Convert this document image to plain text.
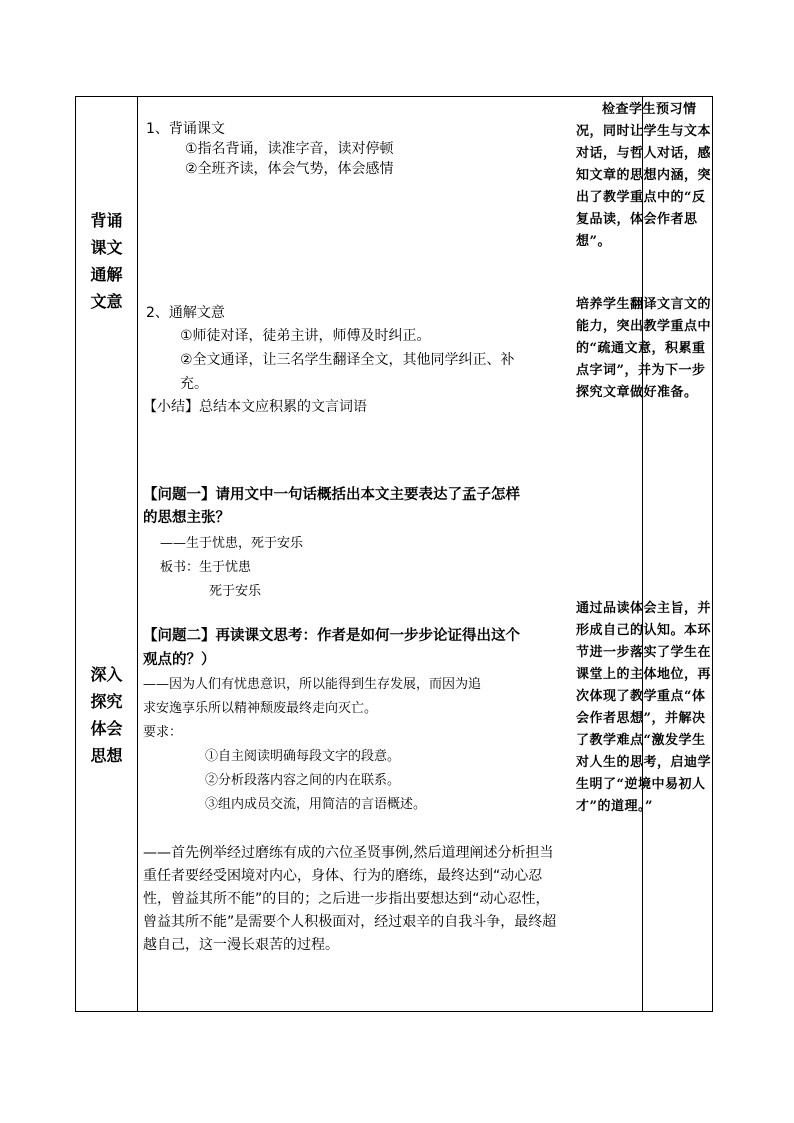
背诵
课文
通解
文意
1、背诵课文
①指名背诵，读准字音，读对停顿
②全班齐读，体会气势，体会感情
2、通解文意
①师徒对译，徒弟主讲，师傅及时纠正。
②全文通译，让三名学生翻译全文，其他同学纠正、补
充。
【小结】总结本文应积累的文言词语
检查学生预习情况，同时让学生与文本对话，与哲人对话，感知文章的思想内涵，突出了教学重点中的“反复品读，体会作者思想”。
培养学生翻译文言文的能力，突出教学重点中的“疏通文意，积累重点字词”，并为下一步探究文章做好准备。
深入
探究
体会
思想
【问题一】请用文中一句话概括出本文主要表达了孟子怎样
的思想主张？
——生于忧患，死于安乐
板书：生于忧患
死于安乐
【问题二】再读课文思考：作者是如何一步步论证得出这个
观点的？）
——因为人们有忧患意识，所以能得到生存发展，而因为追
求安逸享乐所以精神颓废最终走向灭亡。
要求：
①自主阅读明确每段文字的段意。
②分析段落内容之间的内在联系。
③组内成员交流，用简洁的言语概述。
——首先例举经过磨练有成的六位圣贤事例,然后道理阐述分析担当重任者要经受困境对内心，身体、行为的磨练，最终达到“动心忍性，曾益其所不能”的目的；之后进一步指出要想达到“动心忍性，曾益其所不能”是需要个人积极面对，经过艰辛的自我斗争，最终超越自己，这一漫长艰苦的过程。
通过品读体会主旨，并形成自己的认知。本环节进一步落实了学生在课堂上的主体地位，再次体现了教学重点“体会作者思想”，并解决了教学难点“激发学生对人生的思考，启迪学生明了“逆境中易初人才”的道理。”
